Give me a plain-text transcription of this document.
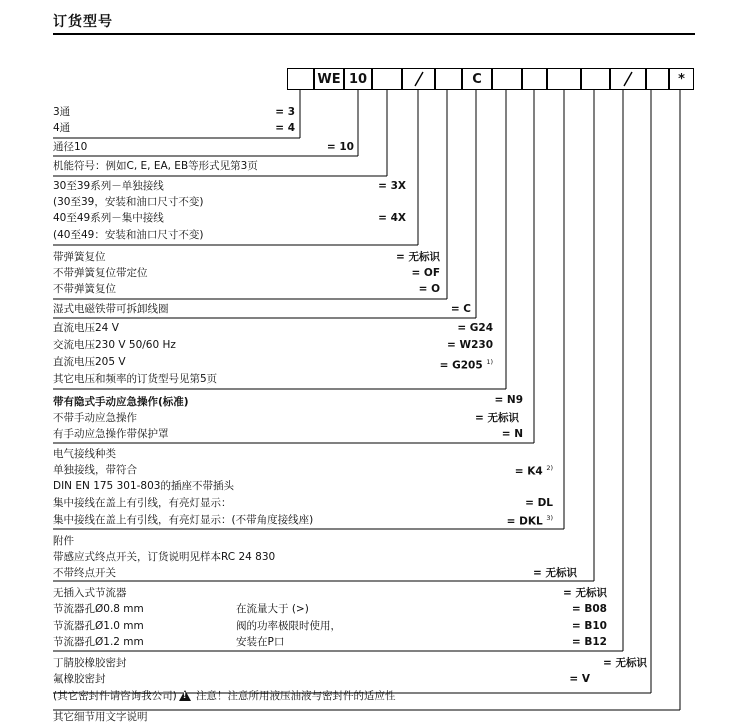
订货型号
WE 10	C	*
3通	= 3
4通	= 4
通径10	= 10
机能符号：例如C, E, EA, EB等形式见第3页
30至39系列－单独接线	= 3X
(30至39，安装和油口尺寸不变)
40至49系列－集中接线	= 4X
(40至49：安装和油口尺寸不变)
带弹簧复位	= 无标识
不带弹簧复位带定位	= OF
不带弹簧复位	= O
湿式电磁铁带可拆卸线圈	= C
直流电压24 V	= G24
交流电压230 V 50/60 Hz	= W230
直流电压205 V	= G205 $^{1)}$
其它电压和频率的订货型号见第5页
带有隐式手动应急操作(标准)	= N9
不带手动应急操作	= 无标识
有手动应急操作带保护罩	= N
电气接线种类
单独接线，带符合	= K4 $^{2)}$
DIN EN 175 301-803的插座不带插头
集中接线在盖上有引线，有亮灯显示：	= DL
集中接线在盖上有引线，有亮灯显示：(不带角度接线座)	= DKL $^{3)}$
附件
带感应式终点开关，订货说明见样本RC 24 830
不带终点开关	= 无标识
无插入式节流器	= 无标识
节流器孔Ø0.8 mm	在流量大于 (>)	= B08
节流器孔Ø1.0 mm	阀的功率极限时使用，	= B10
节流器孔Ø1.2 mm	安装在P口	= B12
丁腈胶橡胶密封	= 无标识
氟橡胶密封	= V
(其它密封件请咨询我公司)! 注意！注意所用液压油液与密封件的适应性
其它细节用文字说明
